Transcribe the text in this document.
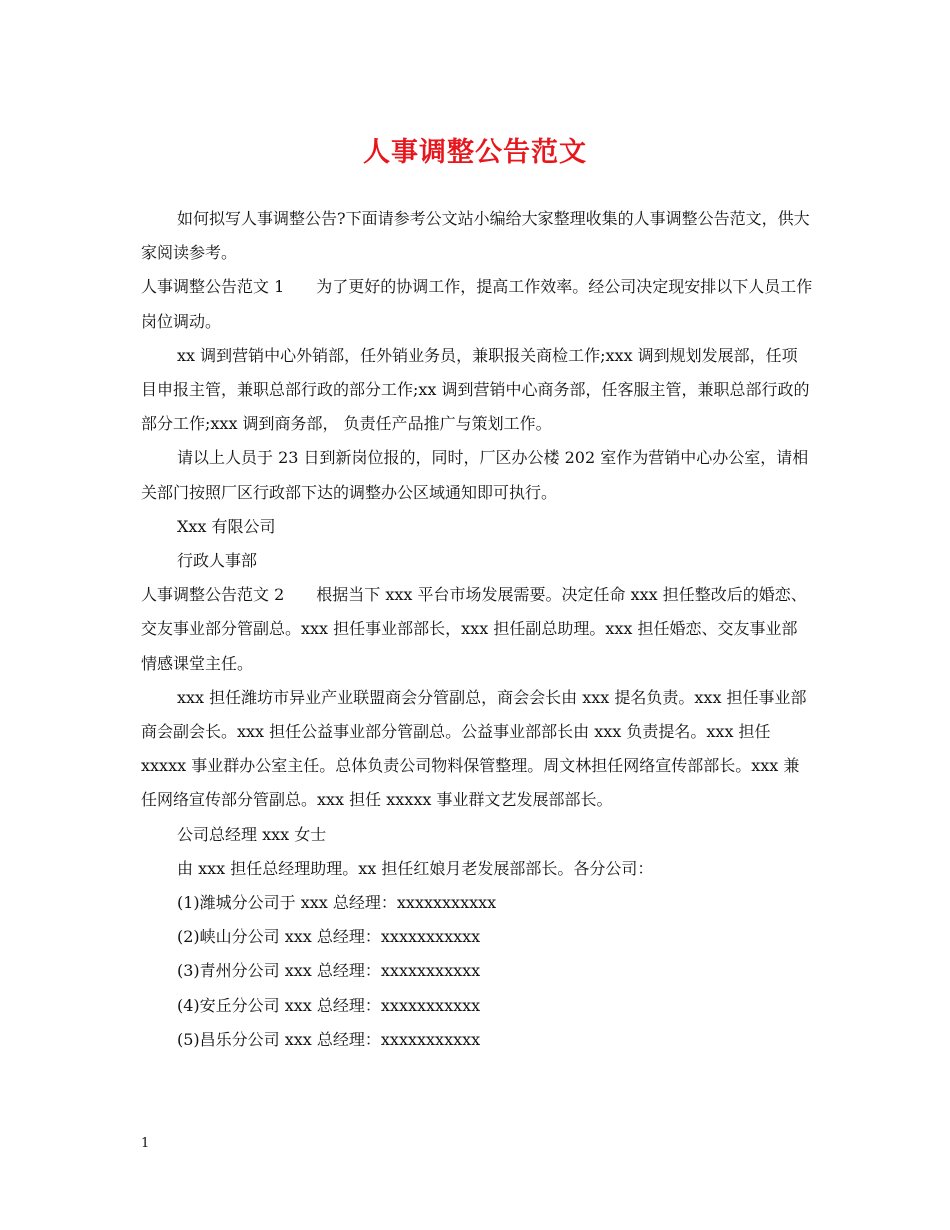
人事调整公告范文

如何拟写人事调整公告?下面请参考公文站小编给大家整理收集的人事调整公告范文，供大家阅读参考。

人事调整公告范文 1 为了更好的协调工作，提高工作效率。经公司决定现安排以下人员工作岗位调动。

xx 调到营销中心外销部，任外销业务员，兼职报关商检工作;xxx 调到规划发展部，任项目申报主管，兼职总部行政的部分工作;xx 调到营销中心商务部，任客服主管，兼职总部行政的部分工作;xxx 调到商务部， 负责任产品推广与策划工作。

请以上人员于 23 日到新岗位报的，同时，厂区办公楼 202 室作为营销中心办公室，请相关部门按照厂区行政部下达的调整办公区域通知即可执行。

Xxx 有限公司

行政人事部

人事调整公告范文 2 根据当下 xxx 平台市场发展需要。决定任命 xxx 担任整改后的婚恋、交友事业部分管副总。xxx 担任事业部部长，xxx 担任副总助理。xxx 担任婚恋、交友事业部情感课堂主任。

xxx 担任潍坊市异业产业联盟商会分管副总，商会会长由 xxx 提名负责。xxx 担任事业部商会副会长。xxx 担任公益事业部分管副总。公益事业部部长由 xxx 负责提名。xxx 担任 xxxxx 事业群办公室主任。总体负责公司物料保管整理。周文林担任网络宣传部部长。xxx 兼任网络宣传部分管副总。xxx 担任 xxxxx 事业群文艺发展部部长。

公司总经理 xxx 女士

由 xxx 担任总经理助理。xx 担任红娘月老发展部部长。各分公司：

(1)潍城分公司于 xxx 总经理：xxxxxxxxxxx

(2)峡山分公司 xxx 总经理：xxxxxxxxxxx

(3)青州分公司 xxx 总经理：xxxxxxxxxxx

(4)安丘分公司 xxx 总经理：xxxxxxxxxxx

(5)昌乐分公司 xxx 总经理：xxxxxxxxxxx

1
